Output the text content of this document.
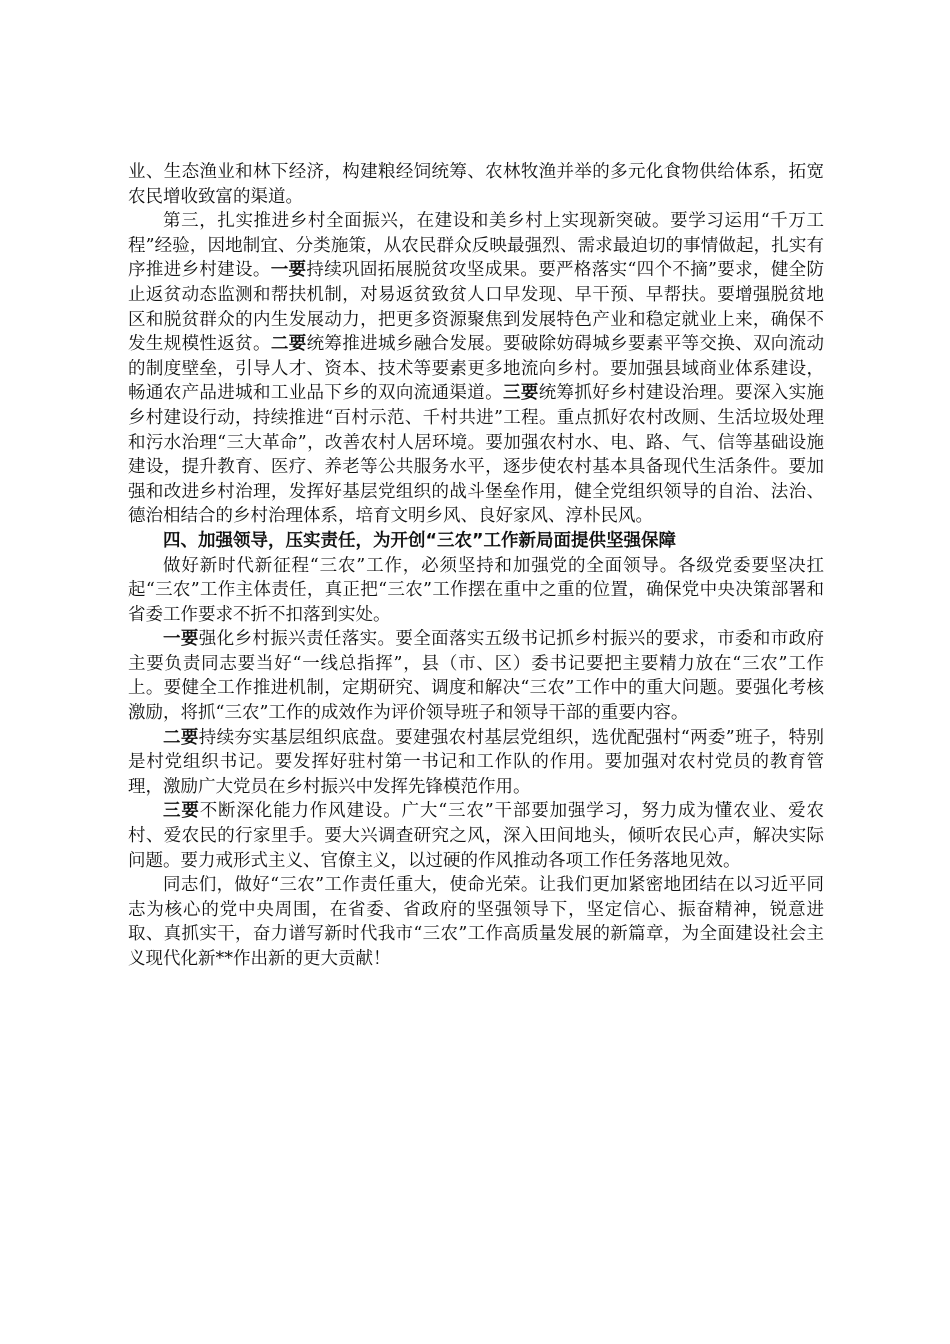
业、生态渔业和林下经济，构建粮经饲统筹、农林牧渔并举的多元化食物供给体系，拓宽农民增收致富的渠道。

第三，扎实推进乡村全面振兴，在建设和美乡村上实现新突破。要学习运用“千万工程”经验，因地制宜、分类施策，从农民群众反映最强烈、需求最迫切的事情做起，扎实有序推进乡村建设。一要持续巩固拓展脱贫攻坚成果。要严格落实“四个不摘”要求，健全防止返贫动态监测和帮扶机制，对易返贫致贫人口早发现、早干预、早帮扶。要增强脱贫地区和脱贫群众的内生发展动力，把更多资源聚焦到发展特色产业和稳定就业上来，确保不发生规模性返贫。二要统筹推进城乡融合发展。要破除妨碍城乡要素平等交换、双向流动的制度壁垒，引导人才、资本、技术等要素更多地流向乡村。要加强县域商业体系建设，畅通农产品进城和工业品下乡的双向流通渠道。三要统筹抓好乡村建设治理。要深入实施乡村建设行动，持续推进“百村示范、千村共进”工程。重点抓好农村改厕、生活垃圾处理和污水治理“三大革命”，改善农村人居环境。要加强农村水、电、路、气、信等基础设施建设，提升教育、医疗、养老等公共服务水平，逐步使农村基本具备现代生活条件。要加强和改进乡村治理，发挥好基层党组织的战斗堡垒作用，健全党组织领导的自治、法治、德治相结合的乡村治理体系，培育文明乡风、良好家风、淳朴民风。

四、加强领导，压实责任，为开创“三农”工作新局面提供坚强保障

做好新时代新征程“三农”工作，必须坚持和加强党的全面领导。各级党委要坚决扛起“三农”工作主体责任，真正把“三农”工作摆在重中之重的位置，确保党中央决策部署和省委工作要求不折不扣落到实处。

一要强化乡村振兴责任落实。要全面落实五级书记抓乡村振兴的要求，市委和市政府主要负责同志要当好“一线总指挥”，县（市、区）委书记要把主要精力放在“三农”工作上。要健全工作推进机制，定期研究、调度和解决“三农”工作中的重大问题。要强化考核激励，将抓“三农”工作的成效作为评价领导班子和领导干部的重要内容。

二要持续夯实基层组织底盘。要建强农村基层党组织，选优配强村“两委”班子，特别是村党组织书记。要发挥好驻村第一书记和工作队的作用。要加强对农村党员的教育管理，激励广大党员在乡村振兴中发挥先锋模范作用。

三要不断深化能力作风建设。广大“三农”干部要加强学习，努力成为懂农业、爱农村、爱农民的行家里手。要大兴调查研究之风，深入田间地头，倾听农民心声，解决实际问题。要力戒形式主义、官僚主义，以过硬的作风推动各项工作任务落地见效。

同志们，做好“三农”工作责任重大，使命光荣。让我们更加紧密地团结在以习近平同志为核心的党中央周围，在省委、省政府的坚强领导下，坚定信心、振奋精神，锐意进取、真抓实干，奋力谱写新时代我市“三农”工作高质量发展的新篇章，为全面建设社会主义现代化新**作出新的更大贡献！
